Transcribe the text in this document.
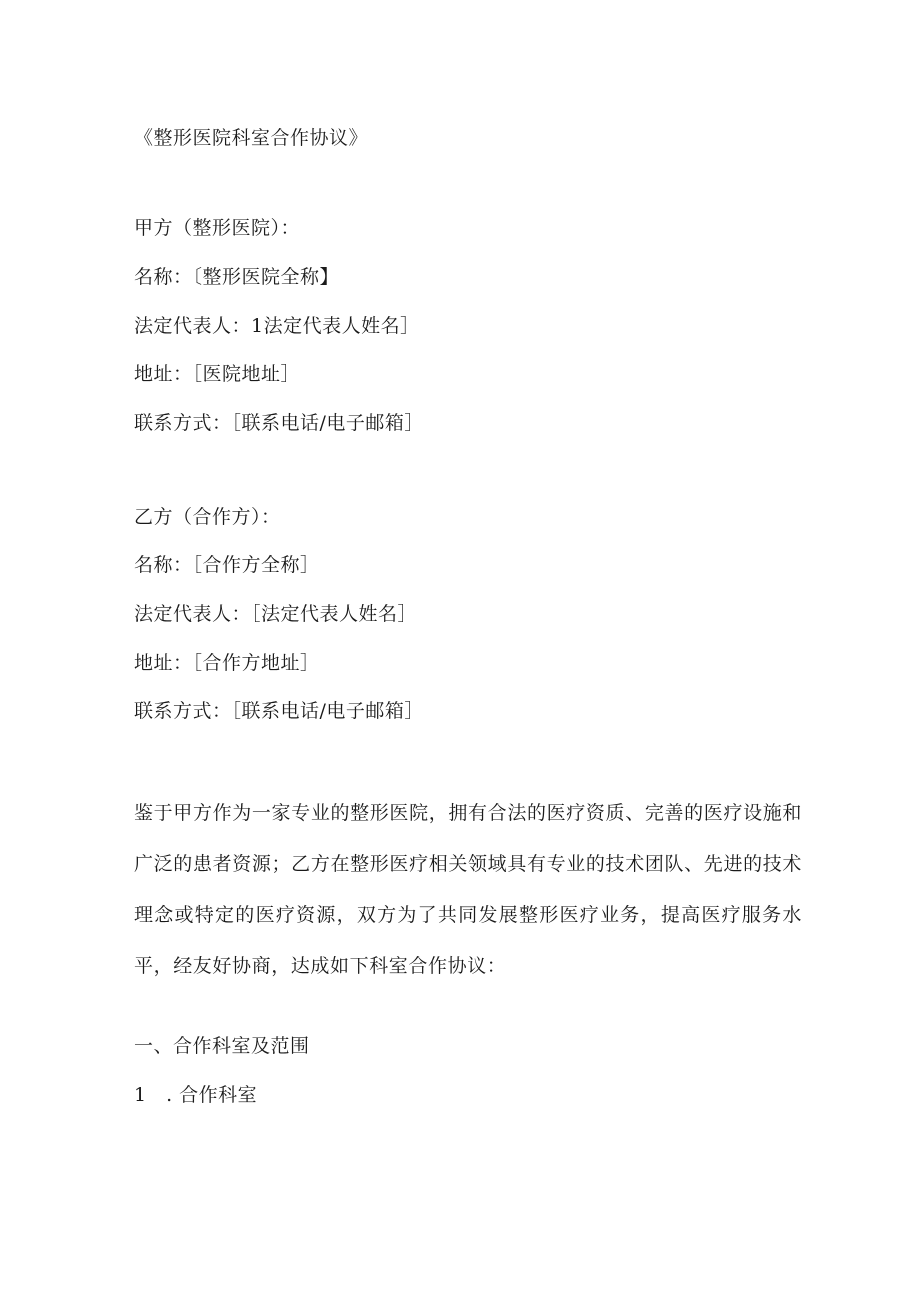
《整形医院科室合作协议》
甲方（整形医院）：
名称：〔整形医院全称】
法定代表人：1法定代表人姓名］
地址：［医院地址］
联系方式：［联系电话/电子邮箱］
乙方（合作方）：
名称：［合作方全称］
法定代表人：［法定代表人姓名］
地址：［合作方地址］
联系方式：［联系电话/电子邮箱］
鉴于甲方作为一家专业的整形医院，拥有合法的医疗资质、完善的医疗设施和广泛的患者资源；乙方在整形医疗相关领域具有专业的技术团队、先进的技术理念或特定的医疗资源，双方为了共同发展整形医疗业务，提高医疗服务水平，经友好协商，达成如下科室合作协议：
一、合作科室及范围
1　. 合作科室
